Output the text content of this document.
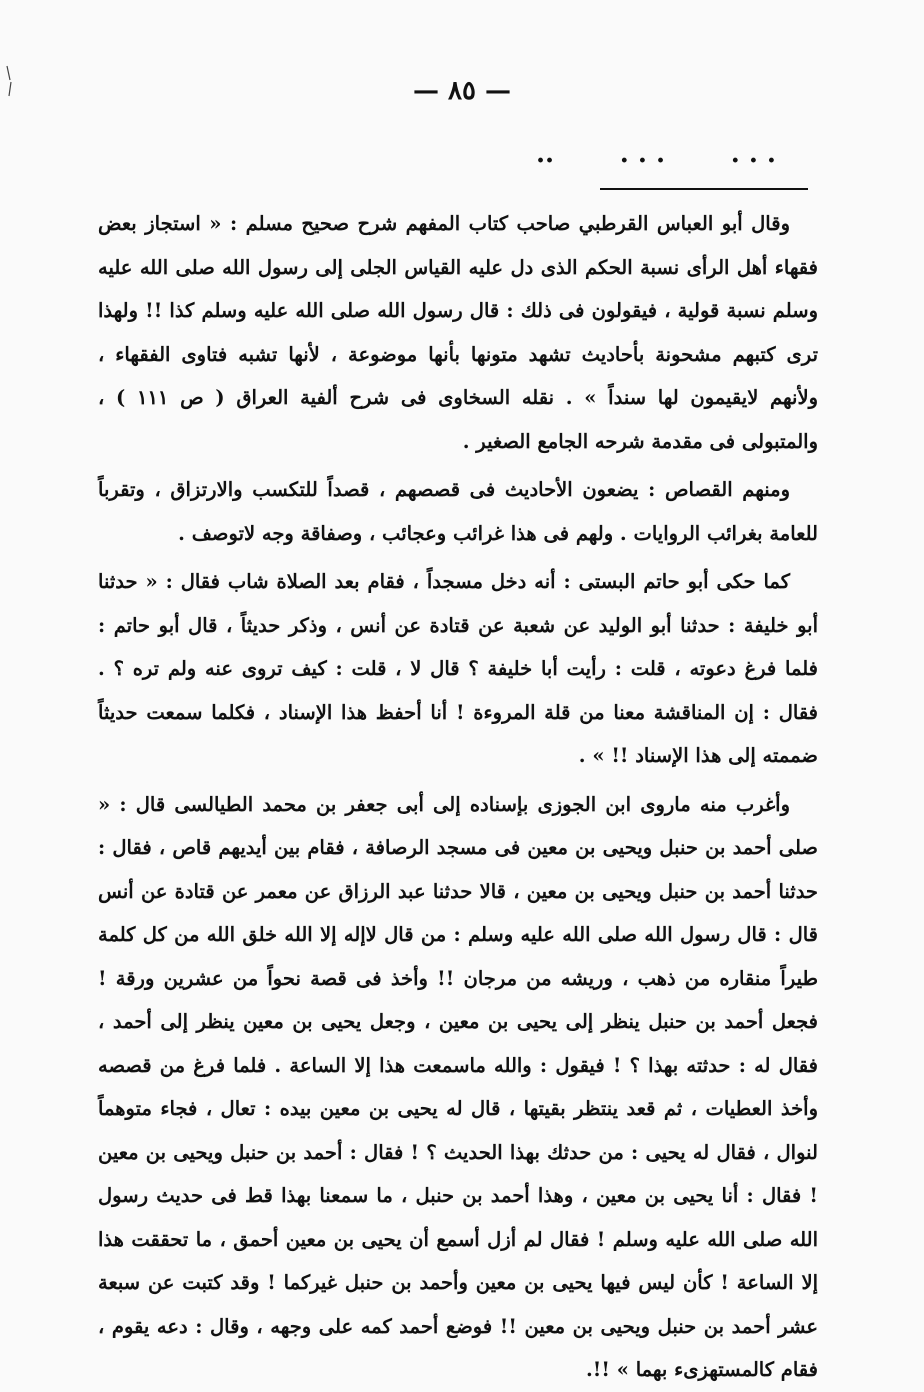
— ٨٥ —
..	. . .	. . .

وقال أبو العباس القرطبي صاحب كتاب المفهم شرح صحيح مسلم : « استجاز بعض فقهاء أهل الرأى نسبة الحكم الذى دل عليه القياس الجلى إلى رسول الله صلى الله عليه وسلم نسبة قولية ، فيقولون فى ذلك : قال رسول الله صلى الله عليه وسلم كذا !! ولهذا ترى كتبهم مشحونة بأحاديث تشهد متونها بأنها موضوعة ، لأنها تشبه فتاوى الفقهاء ، ولأنهم لايقيمون لها سنداً » . نقله السخاوى فى شرح ألفية العراق ( ص ١١١ ) ، والمتبولى فى مقدمة شرحه الجامع الصغير .

ومنهم القصاص : يضعون الأحاديث فى قصصهم ، قصداً للتكسب والارتزاق ، وتقرباً للعامة بغرائب الروايات . ولهم فى هذا غرائب وعجائب ، وصفاقة وجه لاتوصف .

كما حكى أبو حاتم البستى : أنه دخل مسجداً ، فقام بعد الصلاة شاب فقال : « حدثنا أبو خليفة : حدثنا أبو الوليد عن شعبة عن قتادة عن أنس ، وذكر حديثاً ، قال أبو حاتم : فلما فرغ دعوته ، قلت : رأيت أبا خليفة ؟ قال لا ، قلت : كيف تروى عنه ولم تره ؟ . فقال : إن المناقشة معنا من قلة المروءة ! أنا أحفظ هذا الإسناد ، فكلما سمعت حديثاً ضممته إلى هذا الإسناد !! » .

وأغرب منه ماروى ابن الجوزى بإسناده إلى أبى جعفر بن محمد الطيالسى قال : « صلى أحمد بن حنبل ويحيى بن معين فى مسجد الرصافة ، فقام بين أيديهم قاص ، فقال : حدثنا أحمد بن حنبل ويحيى بن معين ، قالا حدثنا عبد الرزاق عن معمر عن قتادة عن أنس قال : قال رسول الله صلى الله عليه وسلم : من قال لاإله إلا الله خلق الله من كل كلمة طيراً منقاره من ذهب ، وريشه من مرجان !! وأخذ فى قصة نحواً من عشرين ورقة ! فجعل أحمد بن حنبل ينظر إلى يحيى بن معين ، وجعل يحيى بن معين ينظر إلى أحمد ، فقال له : حدثته بهذا ؟ ! فيقول : والله ماسمعت هذا إلا الساعة . فلما فرغ من قصصه وأخذ العطيات ، ثم قعد ينتظر بقيتها ، قال له يحيى بن معين بيده : تعال ، فجاء متوهماً لنوال ، فقال له يحيى : من حدثك بهذا الحديث ؟ ! فقال : أحمد بن حنبل ويحيى بن معين ! فقال : أنا يحيى بن معين ، وهذا أحمد بن حنبل ، ما سمعنا بهذا قط فى حديث رسول الله صلى الله عليه وسلم ! فقال لم أزل أسمع أن يحيى بن معين أحمق ، ما تحققت هذا إلا الساعة ! كأن ليس فيها يحيى بن معين وأحمد بن حنبل غيركما ! وقد كتبت عن سبعة عشر أحمد بن حنبل ويحيى بن معين !! فوضع أحمد كمه على وجهه ، وقال : دعه يقوم ، فقام كالمستهزىء بهما » !!.
